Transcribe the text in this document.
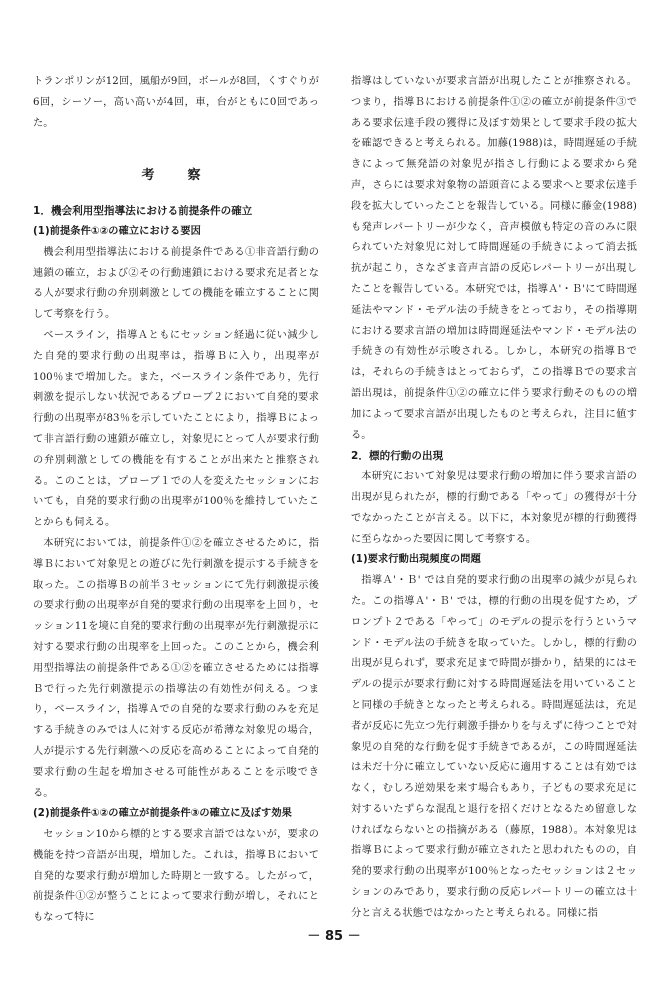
トランポリンが12回，風船が9回，ボールが8回，くすぐりが6回，シーソー，高い高いが4回，車，台がともに0回であった。

考　察
1．機会利用型指導法における前提条件の確立
(1)前提条件①②の確立における要因

機会利用型指導法における前提条件である①非音語行動の連鎖の確立，および②その行動連鎖における要求充足者となる人が要求行動の弁別刺激としての機能を確立することに関して考察を行う。

ベースライン，指導Ａともにセッション経過に従い減少した自発的要求行動の出現率は，指導Ｂに入り，出現率が100％まで増加した。また，ベースライン条件であり，先行刺激を提示しない状況であるプローブ２において自発的要求行動の出現率が83％を示していたことにより，指導Ｂによって非言語行動の連鎖が確立し，対象児にとって人が要求行動の弁別刺激としての機能を有することが出来たと推察される。このことは，プローブ１での人を変えたセッションにおいても，自発的要求行動の出現率が100％を維持していたことからも伺える。

本研究においては，前提条件①②を確立させるために，指導Ｂにおいて対象児との遊びに先行刺激を提示する手続きを取った。この指導Ｂの前半３セッションにて先行刺激提示後の要求行動の出現率が自発的要求行動の出現率を上回り，セッション11を境に自発的要求行動の出現率が先行刺激提示に対する要求行動の出現率を上回った。このことから，機会利用型指導法の前提条件である①②を確立させるためには指導Ｂで行った先行刺激提示の指導法の有効性が伺える。つまり，ベースライン，指導Ａでの自発的な要求行動のみを充足する手続きのみでは人に対する反応が希薄な対象児の場合，人が提示する先行刺激への反応を高めることによって自発的要求行動の生起を増加させる可能性があることを示唆できる。

(2)前提条件①②の確立が前提条件③の確立に及ぼす効果

セッション10から標的とする要求言語ではないが，要求の機能を持つ音語が出現，増加した。これは，指導Ｂにおいて自発的な要求行動が増加した時期と一致する。したがって，前提条件①②が整うことによって要求行動が増し，それにともなって特に

指導はしていないが要求言語が出現したことが推察される。つまり，指導Ｂにおける前提条件①②の確立が前提条件③である要求伝達手段の獲得に及ぼす効果として要求手段の拡大を確認できると考えられる。加藤(1988)は，時間遅延の手続きによって無発語の対象児が指さし行動による要求から発声，さらには要求対象物の語頭音による要求へと要求伝達手段を拡大していったことを報告している。同様に藤金(1988)も発声レパートリーが少なく，音声模倣も特定の音のみに限られていた対象児に対して時間遅延の手続きによって消去抵抗が起こり，さなざま音声言語の反応レパートリーが出現したことを報告している。本研究では，指導Ａ'・Ｂ'にて時間遅延法やマンド・モデル法の手続きをとっており，その指導期における要求言語の増加は時間遅延法やマンド・モデル法の手続きの有効性が示唆される。しかし，本研究の指導Ｂでは，それらの手続きはとっておらず，この指導Ｂでの要求言語出現は，前提条件①②の確立に伴う要求行動そのものの増加によって要求言語が出現したものと考えられ，注目に値する。

2．標的行動の出現

本研究において対象児は要求行動の増加に伴う要求言語の出現が見られたが，標的行動である「やって」の獲得が十分でなかったことが言える。以下に，本対象児が標的行動獲得に至らなかった要因に関して考察する。

(1)要求行動出現頻度の問題

指導Ａ'・Ｂ' では自発的要求行動の出現率の減少が見られた。この指導Ａ'・Ｂ' では，標的行動の出現を促すため，プロンプト２である「やって」のモデルの提示を行うというマンド・モデル法の手続きを取っていた。しかし，標的行動の出現が見られず，要求充足まで時間が掛かり，結果的にはモデルの提示が要求行動に対する時間遅延法を用いていることと同様の手続きとなったと考えられる。時間遅延法は，充足者が反応に先立つ先行刺激手掛かりを与えずに待つことで対象児の自発的な行動を促す手続きであるが，この時間遅延法は未だ十分に確立していない反応に適用することは有効ではなく，むしろ逆効果を来す場合もあり，子どもの要求充足に対するいたずらな混乱と退行を招くだけとなるため留意しなければならないとの指摘がある（藤原，1988）。本対象児は指導Ｂによって要求行動が確立されたと思われたものの，自発的要求行動の出現率が100％となったセッションは２セッションのみであり，要求行動の反応レパートリーの確立は十分と言える状態ではなかったと考えられる。同様に指

－ 85 －
